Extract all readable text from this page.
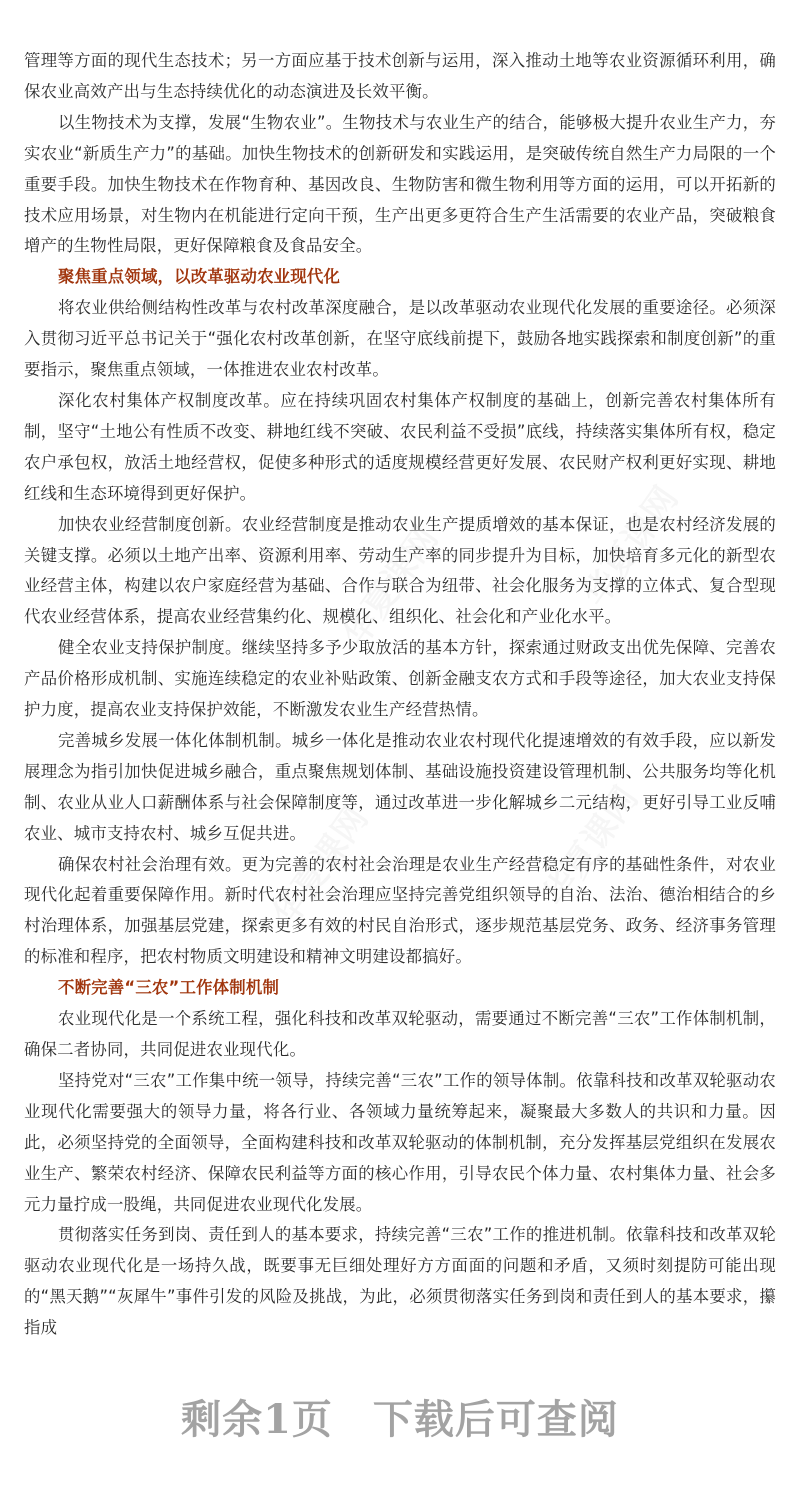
管理等方面的现代生态技术；另一方面应基于技术创新与运用，深入推动土地等农业资源循环利用，确保农业高效产出与生态持续优化的动态演进及长效平衡。

以生物技术为支撑，发展“生物农业”。生物技术与农业生产的结合，能够极大提升农业生产力，夯实农业“新质生产力”的基础。加快生物技术的创新研发和实践运用，是突破传统自然生产力局限的一个重要手段。加快生物技术在作物育种、基因改良、生物防害和微生物利用等方面的运用，可以开拓新的技术应用场景，对生物内在机能进行定向干预，生产出更多更符合生产生活需要的农业产品，突破粮食增产的生物性局限，更好保障粮食及食品安全。

聚焦重点领域，以改革驱动农业现代化

将农业供给侧结构性改革与农村改革深度融合，是以改革驱动农业现代化发展的重要途径。必须深入贯彻习近平总书记关于“强化农村改革创新，在坚守底线前提下，鼓励各地实践探索和制度创新”的重要指示，聚焦重点领域，一体推进农业农村改革。

深化农村集体产权制度改革。应在持续巩固农村集体产权制度的基础上，创新完善农村集体所有制，坚守“土地公有性质不改变、耕地红线不突破、农民利益不受损”底线，持续落实集体所有权，稳定农户承包权，放活土地经营权，促使多种形式的适度规模经营更好发展、农民财产权利更好实现、耕地红线和生态环境得到更好保护。

加快农业经营制度创新。农业经营制度是推动农业生产提质增效的基本保证，也是农村经济发展的关键支撑。必须以土地产出率、资源利用率、劳动生产率的同步提升为目标，加快培育多元化的新型农业经营主体，构建以农户家庭经营为基础、合作与联合为纽带、社会化服务为支撑的立体式、复合型现代农业经营体系，提高农业经营集约化、规模化、组织化、社会化和产业化水平。

健全农业支持保护制度。继续坚持多予少取放活的基本方针，探索通过财政支出优先保障、完善农产品价格形成机制、实施连续稳定的农业补贴政策、创新金融支农方式和手段等途径，加大农业支持保护力度，提高农业支持保护效能，不断激发农业生产经营热情。

完善城乡发展一体化体制机制。城乡一体化是推动农业农村现代化提速增效的有效手段，应以新发展理念为指引加快促进城乡融合，重点聚焦规划体制、基础设施投资建设管理机制、公共服务均等化机制、农业从业人口薪酬体系与社会保障制度等，通过改革进一步化解城乡二元结构，更好引导工业反哺农业、城市支持农村、城乡互促共进。

确保农村社会治理有效。更为完善的农村社会治理是农业生产经营稳定有序的基础性条件，对农业现代化起着重要保障作用。新时代农村社会治理应坚持完善党组织领导的自治、法治、德治相结合的乡村治理体系，加强基层党建，探索更多有效的村民自治形式，逐步规范基层党务、政务、经济事务管理的标准和程序，把农村物质文明建设和精神文明建设都搞好。

不断完善“三农”工作体制机制

农业现代化是一个系统工程，强化科技和改革双轮驱动，需要通过不断完善“三农”工作体制机制，确保二者协同，共同促进农业现代化。

坚持党对“三农”工作集中统一领导，持续完善“三农”工作的领导体制。依靠科技和改革双轮驱动农业现代化需要强大的领导力量，将各行业、各领域力量统筹起来，凝聚最大多数人的共识和力量。因此，必须坚持党的全面领导，全面构建科技和改革双轮驱动的体制机制，充分发挥基层党组织在发展农业生产、繁荣农村经济、保障农民利益等方面的核心作用，引导农民个体力量、农村集体力量、社会多元力量拧成一股绳，共同促进农业现代化发展。

贯彻落实任务到岗、责任到人的基本要求，持续完善“三农”工作的推进机制。依靠科技和改革双轮驱动农业现代化是一场持久战，既要事无巨细处理好方方面面的问题和矛盾，又须时刻提防可能出现的“黑天鹅”“灰犀牛”事件引发的风险及挑战，为此，必须贯彻落实任务到岗和责任到人的基本要求，攥指成

剩余1页 下载后可查阅
